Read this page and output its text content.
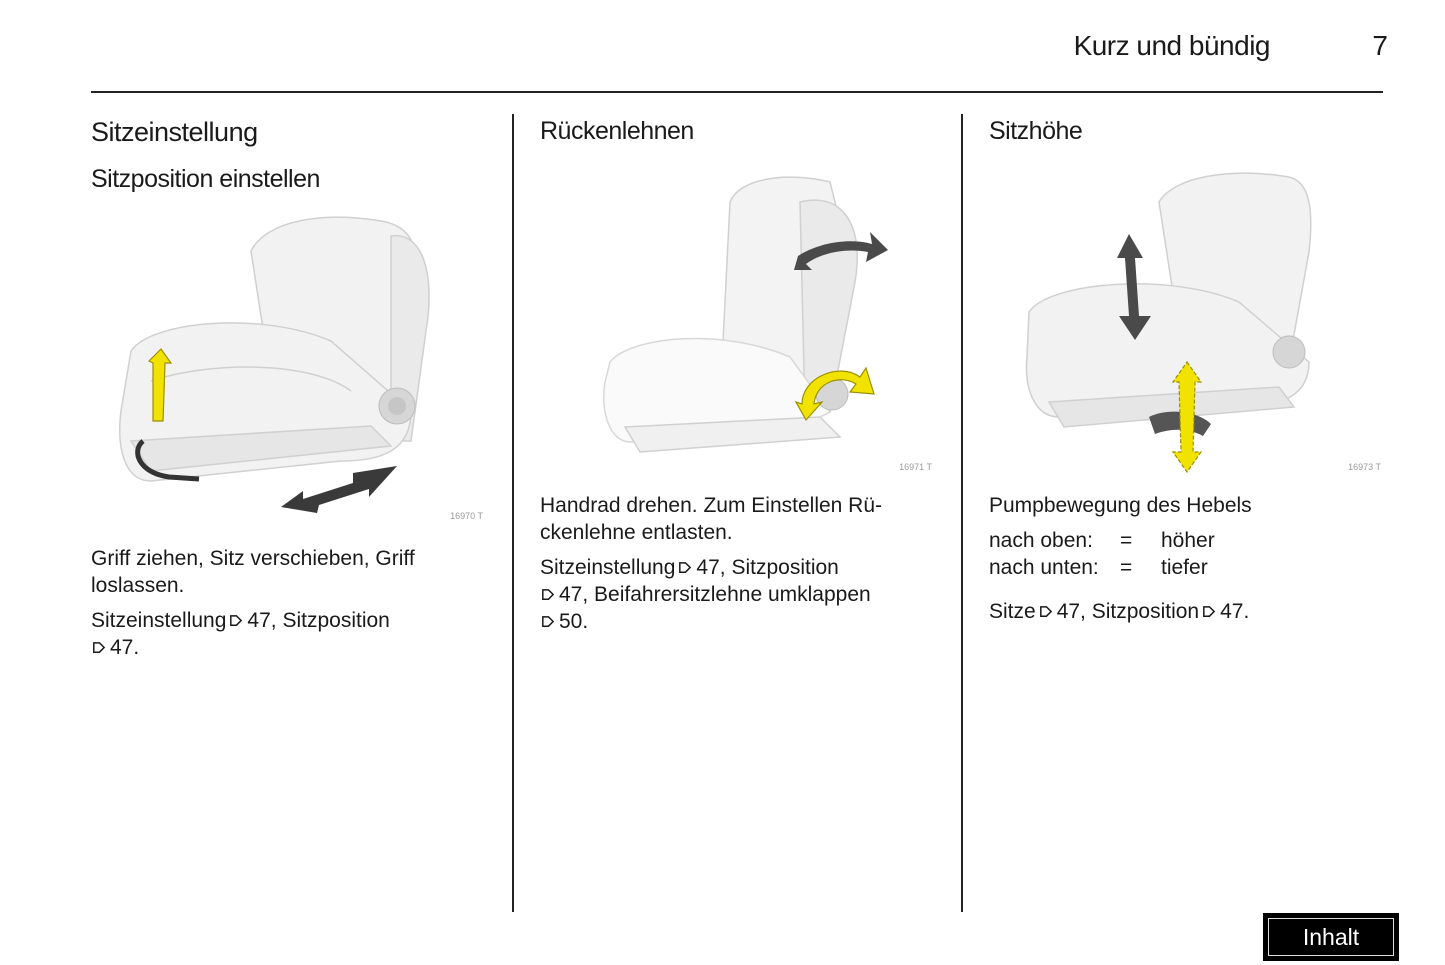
Kurz und bündig	7
Sitzeinstellung
Sitzposition einstellen
16970 T

Griff ziehen, Sitz verschieben, Griff loslassen.

Sitzeinstellung 47, Sitzposition
47.

Rückenlehnen
16971 T

Handrad drehen. Zum Einstellen Rü-

ckenlehne entlasten.

Sitzeinstellung 47, Sitzposition
47, Beifahrersitzlehne umklappen
50.

Sitzhöhe
16973 T

Pumpbewegung des Hebels

nach oben: = höher
nach unten: = tiefer

Sitze 47, Sitzposition 47.

Inhalt
